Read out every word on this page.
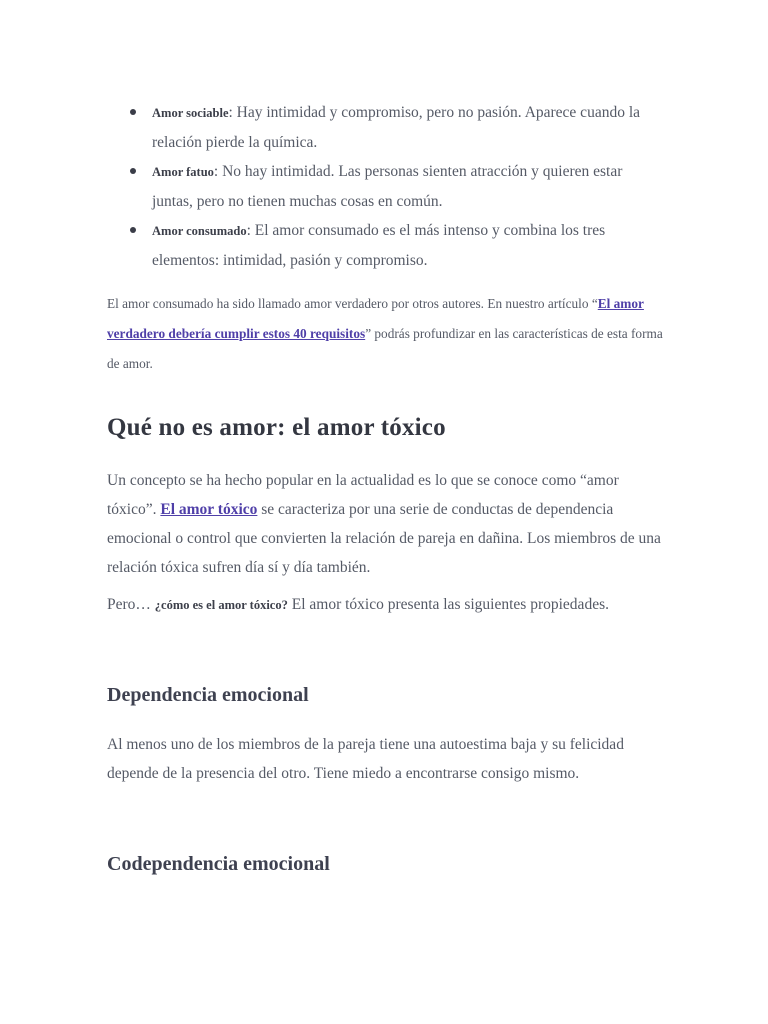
Amor sociable: Hay intimidad y compromiso, pero no pasión. Aparece cuando la relación pierde la química.
Amor fatuo: No hay intimidad. Las personas sienten atracción y quieren estar juntas, pero no tienen muchas cosas en común.
Amor consumado: El amor consumado es el más intenso y combina los tres elementos: intimidad, pasión y compromiso.

El amor consumado ha sido llamado amor verdadero por otros autores. En nuestro artículo “El amor verdadero debería cumplir estos 40 requisitos” podrás profundizar en las características de esta forma de amor.

Qué no es amor: el amor tóxico

Un concepto se ha hecho popular en la actualidad es lo que se conoce como “amor tóxico”. El amor tóxico se caracteriza por una serie de conductas de dependencia emocional o control que convierten la relación de pareja en dañina. Los miembros de una relación tóxica sufren día sí y día también.

Pero… ¿cómo es el amor tóxico? El amor tóxico presenta las siguientes propiedades.

Dependencia emocional

Al menos uno de los miembros de la pareja tiene una autoestima baja y su felicidad depende de la presencia del otro. Tiene miedo a encontrarse consigo mismo.

Codependencia emocional
